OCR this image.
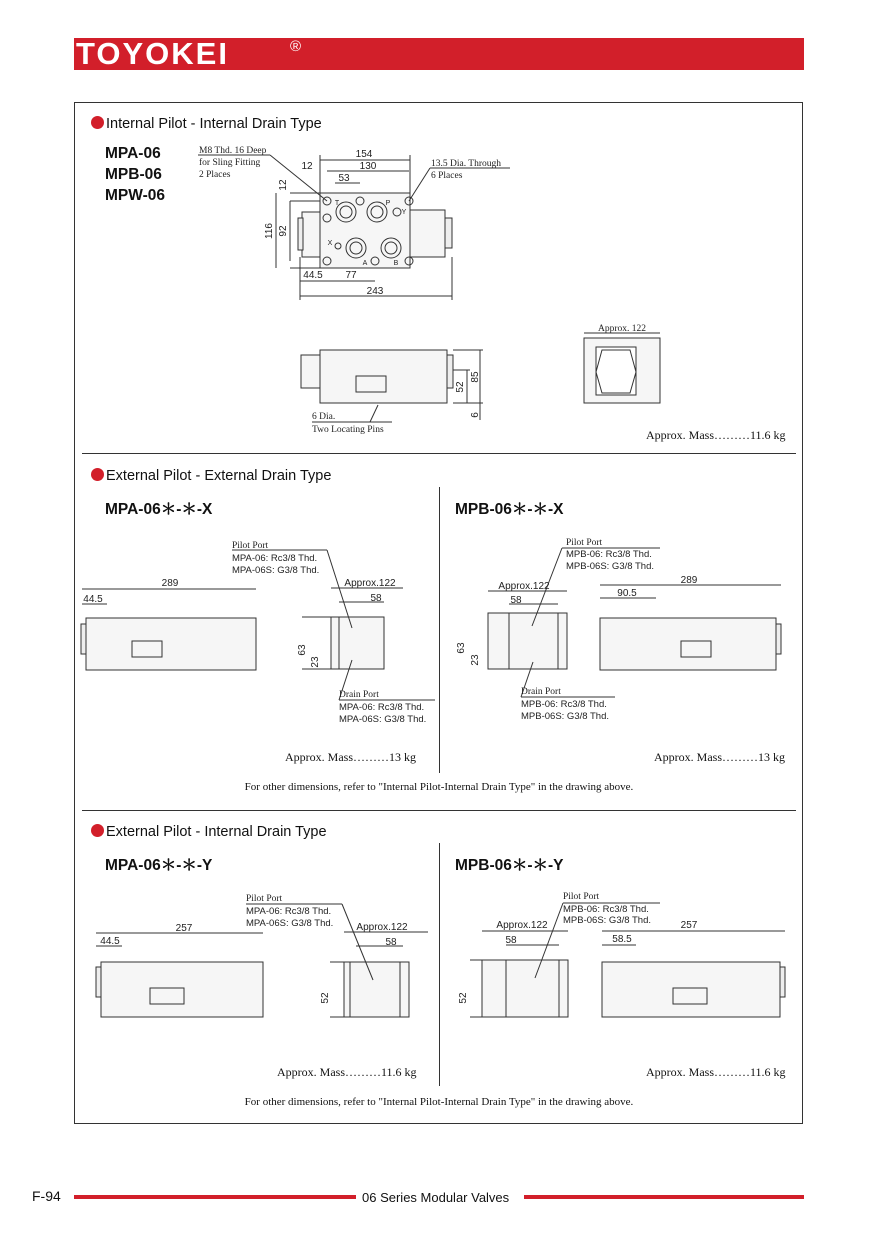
TOYOKEI	®
Internal Pilot - Internal Drain Type
MPA-06
MPB-06
MPW-06
154
130
12
53
12
116 92
44.5 77
243
T	P
Y
X
A	B
M8 Thd. 16 Deep
for Sling Fitting
2 Places
13.5 Dia. Through
6 Places
52
85
6
6 Dia.
Two Locating Pins
Approx. 122
Approx. Mass………11.6 kg
External Pilot - External Drain Type
MPA-06＊-＊-X	MPB-06＊-＊-X
289
44.5
Approx.122
58
63
23
289
90.5
Approx.122
58
63
23
Pilot Port
MPA-06: Rc3/8 Thd.
MPA-06S: G3/8 Thd.
Drain Port
MPA-06: Rc3/8 Thd.
MPA-06S: G3/8 Thd.
Pilot Port
MPB-06: Rc3/8 Thd.
MPB-06S: G3/8 Thd.
Drain Port
MPB-06: Rc3/8 Thd.
MPB-06S: G3/8 Thd.
Approx. Mass………13 kg	Approx. Mass………13 kg
For other dimensions, refer to "Internal Pilot-Internal Drain Type" in the drawing above.
External Pilot - Internal Drain Type
MPA-06＊-＊-Y	MPB-06＊-＊-Y
257
44.5
Approx.122
58
52
257
58.5
Approx.122
58
52
Pilot Port
MPA-06: Rc3/8 Thd.
MPA-06S: G3/8 Thd.
Pilot Port
MPB-06: Rc3/8 Thd.
MPB-06S: G3/8 Thd.
Approx. Mass………11.6 kg	Approx. Mass………11.6 kg
For other dimensions, refer to "Internal Pilot-Internal Drain Type" in the drawing above.
F-94	06 Series Modular Valves
